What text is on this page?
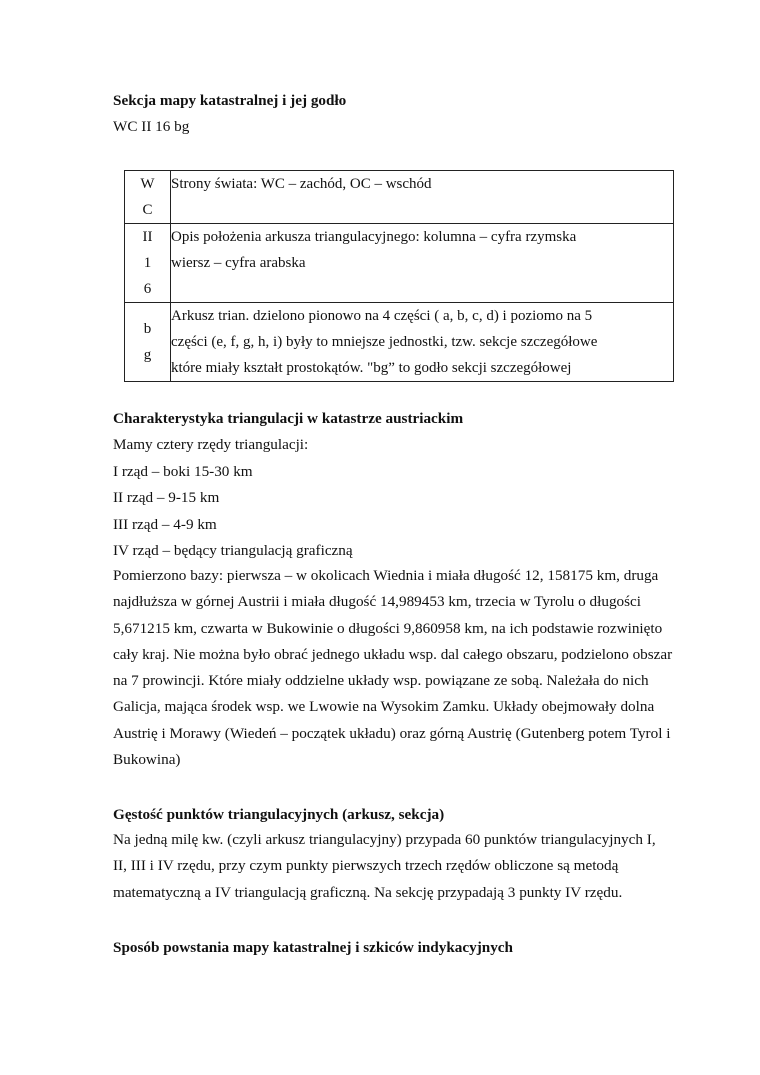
Sekcja mapy katastralnej i jej godło
WC II 16 bg
W
C	Strony świata: WC – zachód, OC – wschód

II
1
6	Opis położenia arkusza triangulacyjnego: kolumna – cyfra rzymska
wiersz – cyfra arabska

b
g	Arkusz trian. dzielono pionowo na 4 części ( a, b, c, d) i poziomo na 5
części (e, f, g, h, i) były to mniejsze jednostki, tzw. sekcje szczegółowe
które miały kształt prostokątów. "bg” to godło sekcji szczegółowej
Charakterystyka triangulacji w katastrze austriackim
Mamy cztery rzędy triangulacji:
I rząd – boki 15-30 km
II rząd – 9-15 km
III rząd – 4-9 km
IV rząd – będący triangulacją graficzną
Pomierzono bazy: pierwsza – w okolicach Wiednia i miała długość 12, 158175 km, druga najdłuższa w górnej Austrii i miała długość 14,989453 km, trzecia w Tyrolu o długości 5,671215 km, czwarta w Bukowinie o długości 9,860958 km, na ich podstawie rozwinięto cały kraj. Nie można było obrać jednego układu wsp. dal całego obszaru, podzielono obszar na 7 prowincji. Które miały oddzielne układy wsp. powiązane ze sobą. Należała do nich Galicja, mająca środek wsp. we Lwowie na Wysokim Zamku. Układy obejmowały dolna Austrię i Morawy (Wiedeń – początek układu) oraz górną Austrię (Gutenberg potem Tyrol i Bukowina)
Gęstość punktów triangulacyjnych (arkusz, sekcja)
Na jedną milę kw. (czyli arkusz triangulacyjny) przypada 60 punktów triangulacyjnych I, II, III i IV rzędu, przy czym punkty pierwszych trzech rzędów obliczone są metodą matematyczną a IV triangulacją graficzną. Na sekcję przypadają 3 punkty IV rzędu.
Sposób powstania mapy katastralnej i szkiców indykacyjnych
